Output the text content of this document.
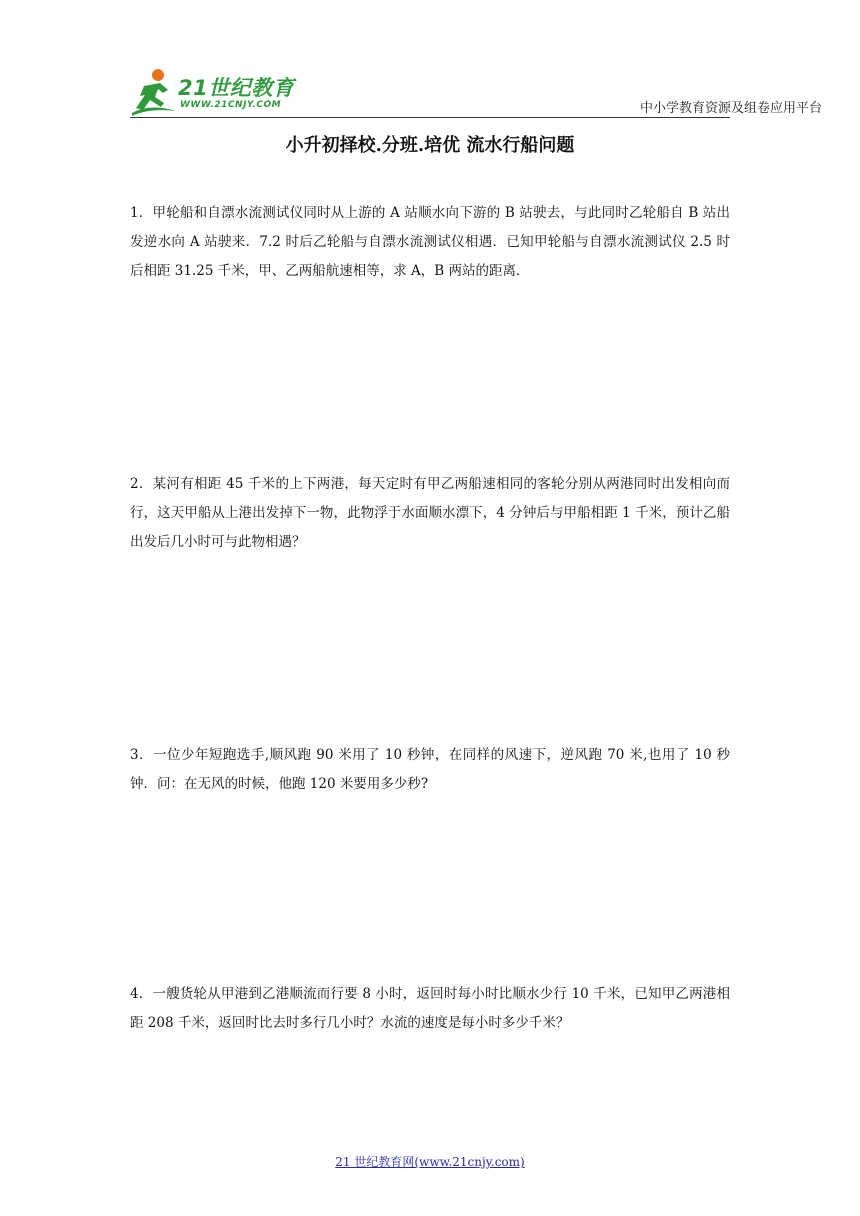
21世纪教育
WWW.21CNJY.COM	中小学教育资源及组卷应用平台
小升初择校.分班.培优 流水行船问题

1．甲轮船和自漂水流测试仪同时从上游的 A 站顺水向下游的 B 站驶去，与此同时乙轮船自 B 站出发逆水向 A 站驶来．7.2 时后乙轮船与自漂水流测试仪相遇．已知甲轮船与自漂水流测试仪 2.5 时后相距 31.25 千米，甲、乙两船航速相等，求 A，B 两站的距离．

2．某河有相距 45 千米的上下两港，每天定时有甲乙两船速相同的客轮分别从两港同时出发相向而行，这天甲船从上港出发掉下一物，此物浮于水面顺水漂下，4 分钟后与甲船相距 1 千米，预计乙船出发后几小时可与此物相遇？

3．一位少年短跑选手,顺风跑 90 米用了 10 秒钟，在同样的风速下，逆风跑 70 米,也用了 10 秒钟．问：在无风的时候，他跑 120 米要用多少秒?

4．一艘货轮从甲港到乙港顺流而行要 8 小时，返回时每小时比顺水少行 10 千米，已知甲乙两港相距 208 千米，返回时比去时多行几小时？水流的速度是每小时多少千米？

21 世纪教育网(www.21cnjy.com)
